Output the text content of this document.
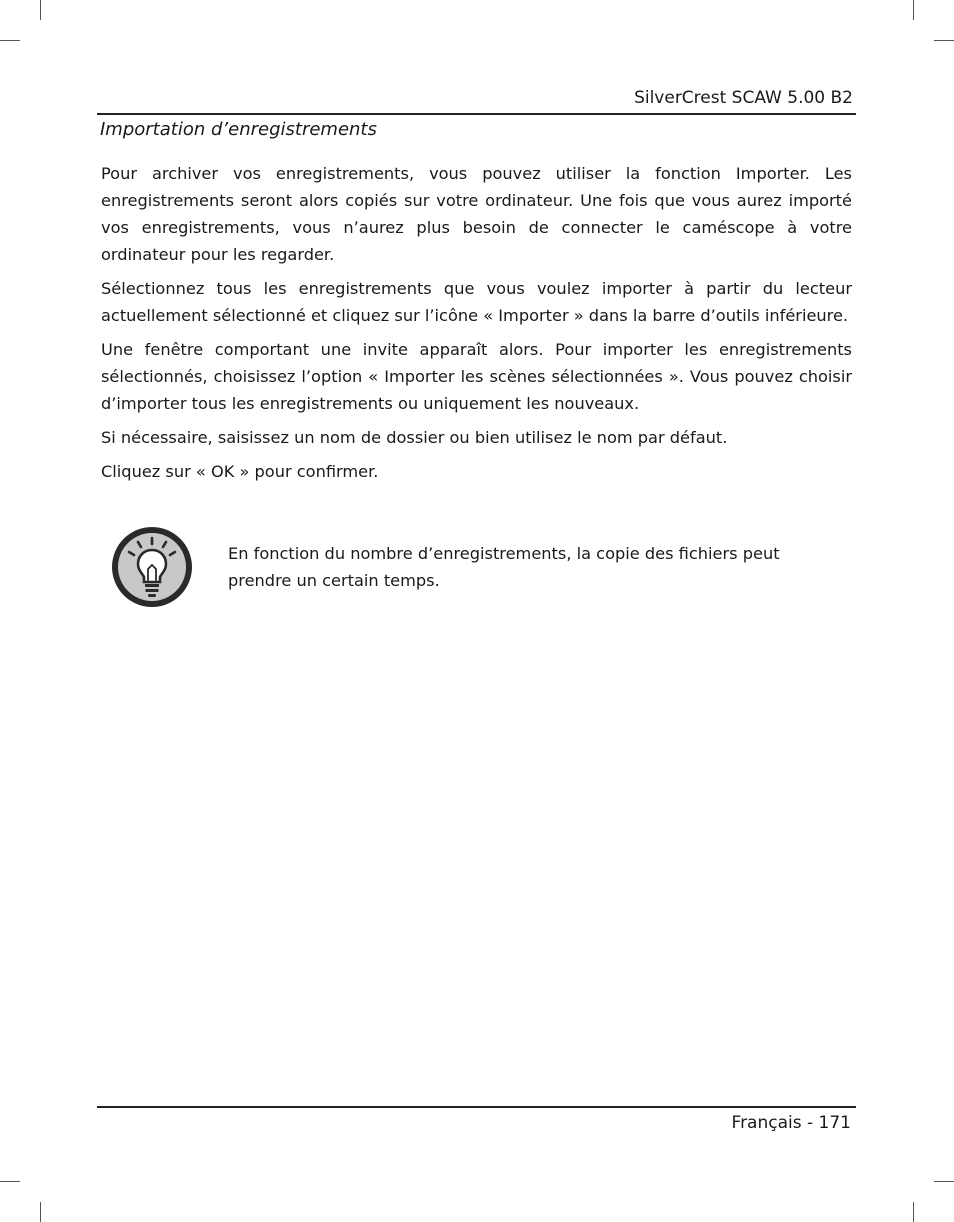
SilverCrest SCAW 5.00 B2
Importation d’enregistrements

Pour archiver vos enregistrements, vous pouvez utiliser la fonction Importer. Les enregistrements seront alors copiés sur votre ordinateur. Une fois que vous aurez importé vos enregistrements, vous n’aurez plus besoin de connecter le caméscope à votre ordinateur pour les regarder.

Sélectionnez tous les enregistrements que vous voulez importer à partir du lecteur actuellement sélectionné et cliquez sur l’icône « Importer » dans la barre d’outils inférieure.

Une fenêtre comportant une invite apparaît alors. Pour importer les enregistrements sélectionnés, choisissez l’option « Importer les scènes sélectionnées ». Vous pouvez choisir d’importer tous les enregistrements ou uniquement les nouveaux.

Si nécessaire, saisissez un nom de dossier ou bien utilisez le nom par défaut.

Cliquez sur « OK » pour confirmer.

En fonction du nombre d’enregistrements, la copie des fichiers peut
prendre un certain temps.
Français - 171
